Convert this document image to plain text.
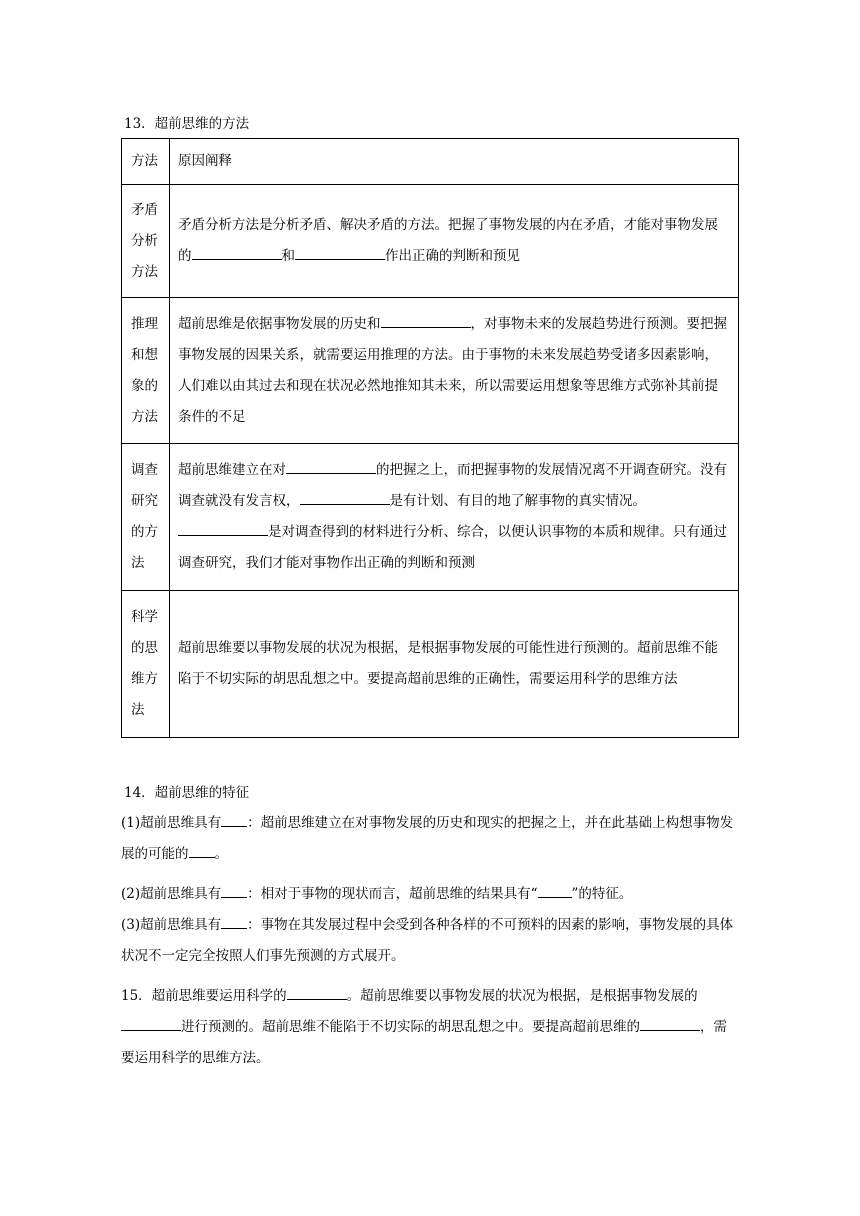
13．超前思维的方法
方法	原因阐释

矛盾分析方法	矛盾分析方法是分析矛盾、解决矛盾的方法。把握了事物发展的内在矛盾，才能对事物发展的 和 作出正确的判断和预见

推理和想象的方法	超前思维是依据事物发展的历史和 ，对事物未来的发展趋势进行预测。要把握事物发展的因果关系，就需要运用推理的方法。由于事物的未来发展趋势受诸多因素影响，人们难以由其过去和现在状况必然地推知其未来，所以需要运用想象等思维方式弥补其前提条件的不足

调查研究的方法	超前思维建立在对 的把握之上，而把握事物的发展情况离不开调查研究。没有调查就没有发言权， 是有计划、有目的地了解事物的真实情况。是对调查得到的材料进行分析、综合，以便认识事物的本质和规律。只有通过调查研究，我们才能对事物作出正确的判断和预测

科学的思维方法	超前思维要以事物发展的状况为根据，是根据事物发展的可能性进行预测的。超前思维不能陷于不切实际的胡思乱想之中。要提高超前思维的正确性，需要运用科学的思维方法
14．超前思维的特征
(1)超前思维具有 ：超前思维建立在对事物发展的历史和现实的把握之上，并在此基础上构想事物发展的可能的 。
(2)超前思维具有 ：相对于事物的现状而言，超前思维的结果具有“	”的特征。
(3)超前思维具有 ：事物在其发展过程中会受到各种各样的不可预料的因素的影响，事物发展的具体状况不一定完全按照人们事先预测的方式展开。
15．超前思维要运用科学的	。超前思维要以事物发展的状况为根据，是根据事物发展的进行预测的。超前思维不能陷于不切实际的胡思乱想之中。要提高超前思维的	，需要运用科学的思维方法。
